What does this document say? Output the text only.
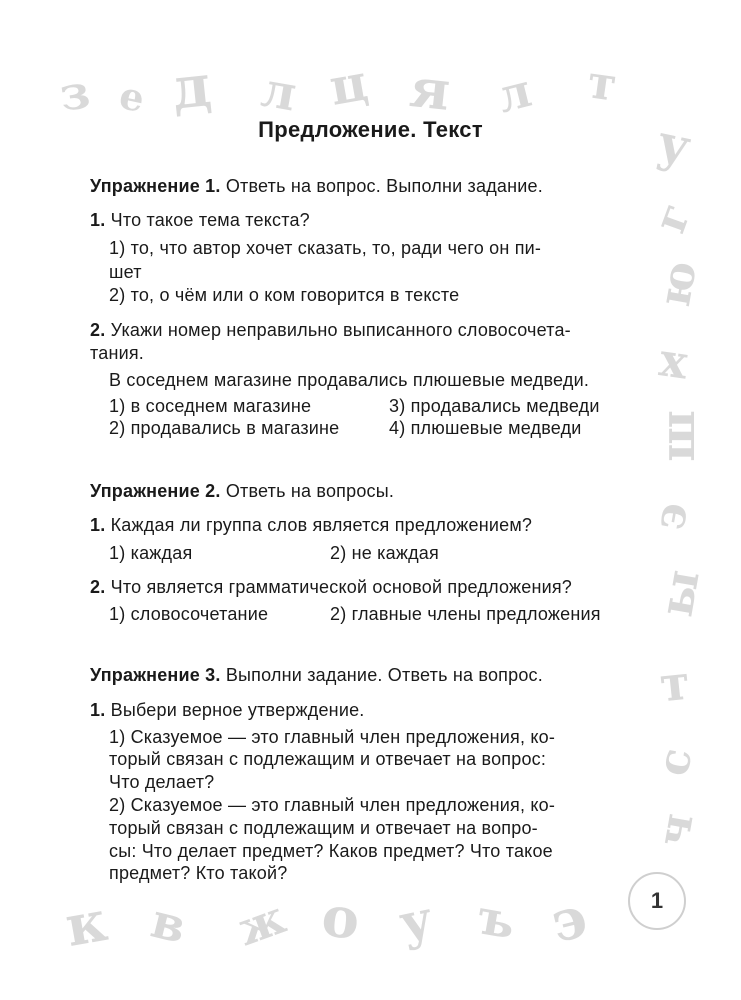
з е д л ц я л т
у
г
ю
х
ш
э
ы
т
с
ч
к в ж о у ъ э
Предложение. Текст
Упражнение 1. Ответь на вопрос. Выполни задание.
1. Что такое тема текста?
1) то, что автор хочет сказать, то, ради чего он пи-
шет
2) то, о чём или о ком говорится в тексте
2. Укажи номер неправильно выписанного словосочета-
тания.
В соседнем магазине продавались плюшевые медведи.
1) в соседнем магазине	3) продавались медведи
2) продавались в магазине	4) плюшевые медведи
Упражнение 2. Ответь на вопросы.
1. Каждая ли группа слов является предложением?
1) каждая	2) не каждая
2. Что является грамматической основой предложения?
1) словосочетание	2) главные члены предложения
Упражнение 3. Выполни задание. Ответь на вопрос.
1. Выбери верное утверждение.
1) Сказуемое — это главный член предложения, ко-
торый связан с подлежащим и отвечает на вопрос:
Что делает?
2) Сказуемое — это главный член предложения, ко-
торый связан с подлежащим и отвечает на вопро-
сы: Что делает предмет? Каков предмет? Что такое
предмет? Кто такой?
1
